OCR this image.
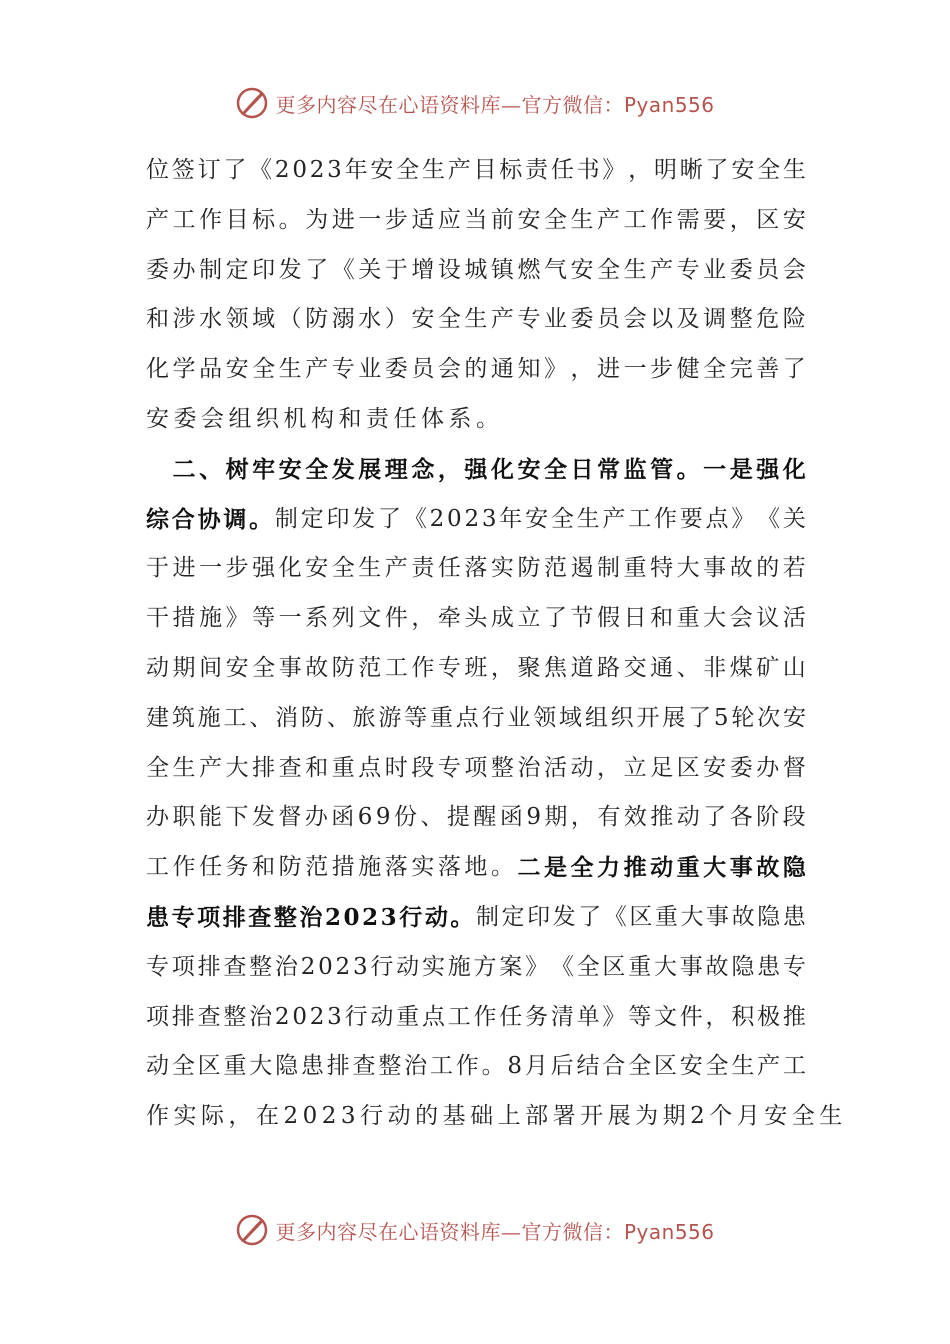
更多内容尽在心语资料库—官方微信：Pyan556
位 签 订 了 《 2 0 2 3 年 安 全 生 产 目 标 责 任 书 》 ， 明 晰 了 安 全 生
产 工 作 目 标 。 为 进 一 步 适 应 当 前 安 全 生 产 工 作 需 要 ， 区 安
委 办 制 定 印 发 了 《 关 于 增 设 城 镇 燃 气 安 全 生 产 专 业 委 员 会
和 涉 水 领 域 （ 防 溺 水 ） 安 全 生 产 专 业 委 员 会 以 及 调 整 危 险
化 学 品 安 全 生 产 专 业 委 员 会 的 通 知 》 ， 进 一 步 健 全 完 善 了
安 委 会 组 织 机 构 和 责 任 体 系 。

二 、 树 牢 安 全 发 展 理 念 ， 强 化 安 全 日 常 监 管 。 一 是 强 化
综 合 协 调 。 制 定 印 发 了 《 2 0 2 3 年 安 全 生 产 工 作 要 点 》 《 关
于 进 一 步 强 化 安 全 生 产 责 任 落 实 防 范 遏 制 重 特 大 事 故 的 若
干 措 施 》 等 一 系 列 文 件 ， 牵 头 成 立 了 节 假 日 和 重 大 会 议 活
动 期 间 安 全 事 故 防 范 工 作 专 班 ， 聚 焦 道 路 交 通 、 非 煤 矿 山
建 筑 施 工 、 消 防 、 旅 游 等 重 点 行 业 领 域 组 织 开 展 了 5 轮 次 安
全 生 产 大 排 查 和 重 点 时 段 专 项 整 治 活 动 ， 立 足 区 安 委 办 督
办 职 能 下 发 督 办 函 6 9 份 、 提 醒 函 9 期 ， 有 效 推 动 了 各 阶 段
工 作 任 务 和 防 范 措 施 落 实 落 地 。 二 是 全 力 推 动 重 大 事 故 隐
患 专 项 排 查 整 治 2 0 2 3 行 动 。 制 定 印 发 了 《 区 重 大 事 故 隐 患
专 项 排 查 整 治 2 0 2 3 行 动 实 施 方 案 》 《 全 区 重 大 事 故 隐 患 专
项 排 查 整 治 2 0 2 3 行 动 重 点 工 作 任 务 清 单 》 等 文 件 ， 积 极 推
动 全 区 重 大 隐 患 排 查 整 治 工 作 。 8 月 后 结 合 全 区 安 全 生 产 工
作 实 际 ， 在 2 0 2 3 行 动 的 基 础 上 部 署 开 展 为 期 2 个 月 安 全 生
更多内容尽在心语资料库—官方微信：Pyan556
